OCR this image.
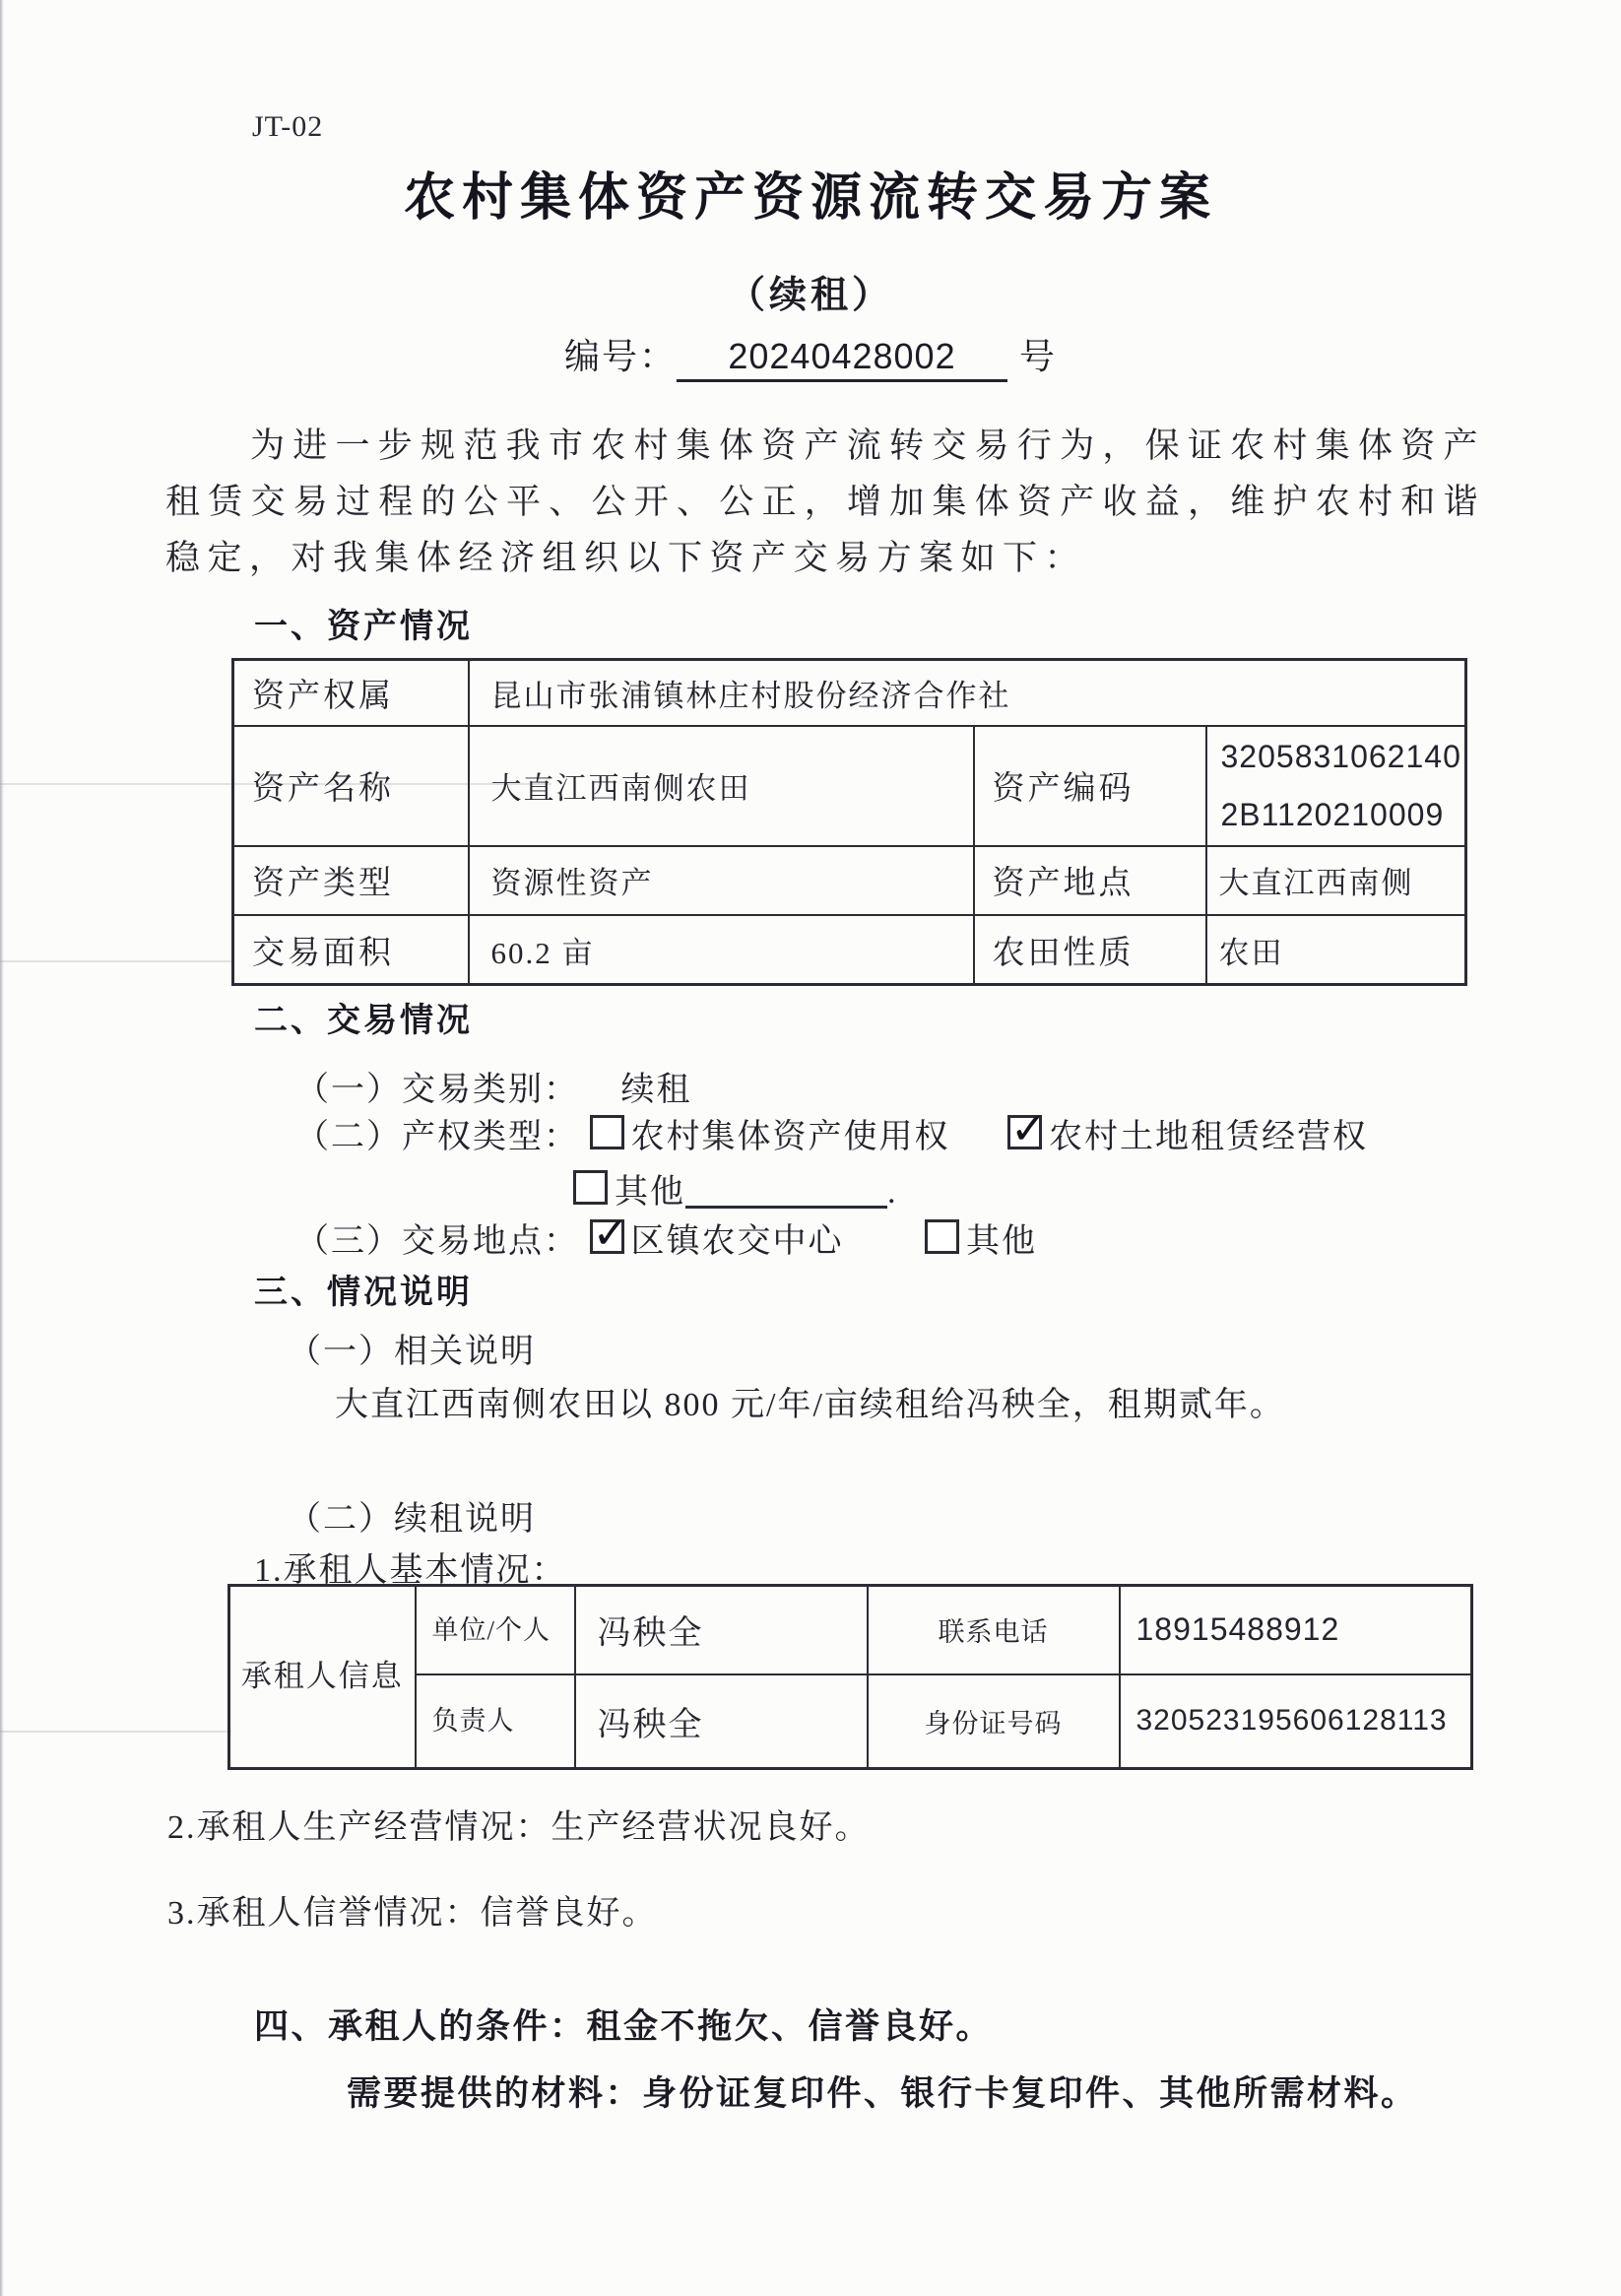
JT-02
农村集体资产资源流转交易方案
（续租）
编号： 20240428002 号
为进一步规范我市农村集体资产流转交易行为，保证农村集体资产租赁交易过程的公平、公开、公正，增加集体资产收益，维护农村和谐稳定，对我集体经济组织以下资产交易方案如下：
一、资产情况
资产权属	昆山市张浦镇林庄村股份经济合作社		
资产名称	大直江西南侧农田	资产编码	3205831062140
2B1120210009

资产类型	资源性资产	资产地点	大直江西南侧
交易面积	60.2 亩	农田性质	农田
二、交易情况
（一）交易类别： 续租
（二）产权类型： 农村集体资产使用权 ✓	农村土地租赁经营权
其他	.
（三）交易地点： ✓ 区镇农交中心	其他
三、情况说明
（一）相关说明
大直江西南侧农田以 800 元/年/亩续租给冯秧全，租期贰年。
（二）续租说明
1.承租人基本情况：
承租人信息	单位/个人	冯秧全	联系电话	18915488912
	负责人	冯秧全	身份证号码	320523195606128113
2.承租人生产经营情况：生产经营状况良好。
3.承租人信誉情况：信誉良好。
四、承租人的条件：租金不拖欠、信誉良好。
需要提供的材料：身份证复印件、银行卡复印件、其他所需材料。
